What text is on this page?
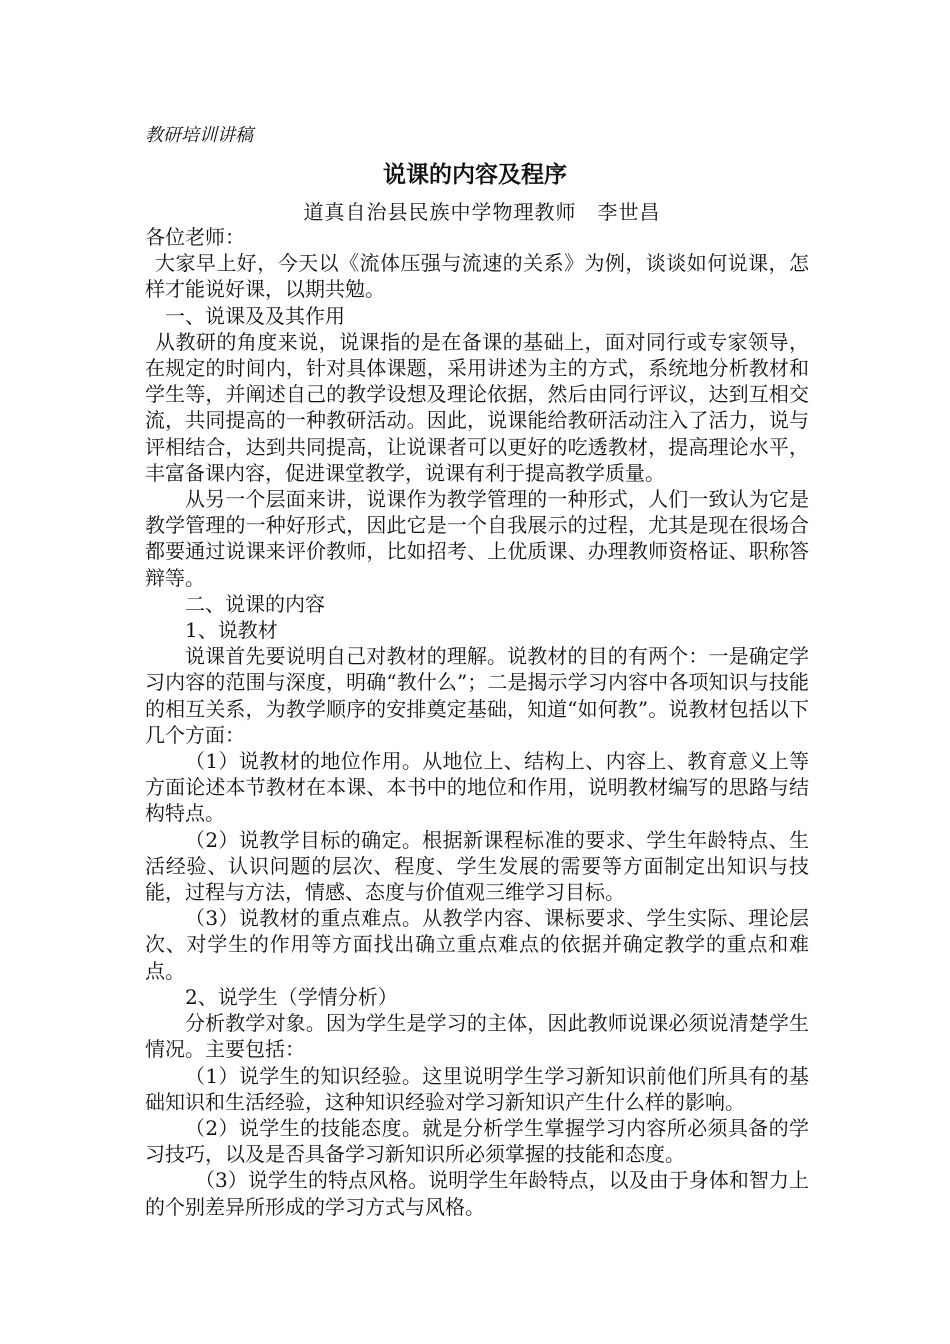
教研培训讲稿
说课的内容及程序
道真自治县民族中学物理教师　李世昌

各位老师：

大家早上好，今天以《流体压强与流速的关系》为例，谈谈如何说课，怎样才能说好课，以期共勉。

一、说课及及其作用

从教研的角度来说，说课指的是在备课的基础上，面对同行或专家领导，在规定的时间内，针对具体课题，采用讲述为主的方式，系统地分析教材和学生等，并阐述自己的教学设想及理论依据，然后由同行评议，达到互相交流，共同提高的一种教研活动。因此，说课能给教研活动注入了活力，说与评相结合，达到共同提高，让说课者可以更好的吃透教材，提高理论水平，丰富备课内容，促进课堂教学，说课有利于提高教学质量。

从另一个层面来讲，说课作为教学管理的一种形式，人们一致认为它是教学管理的一种好形式，因此它是一个自我展示的过程，尤其是现在很场合都要通过说课来评价教师，比如招考、上优质课、办理教师资格证、职称答辩等。

二、说课的内容

1、说教材

说课首先要说明自己对教材的理解。说教材的目的有两个：一是确定学习内容的范围与深度，明确“教什么”；二是揭示学习内容中各项知识与技能的相互关系，为教学顺序的安排奠定基础，知道“如何教”。说教材包括以下几个方面：

（1）说教材的地位作用。从地位上、结构上、内容上、教育意义上等方面论述本节教材在本课、本书中的地位和作用，说明教材编写的思路与结构特点。

（2）说教学目标的确定。根据新课程标准的要求、学生年龄特点、生活经验、认识问题的层次、程度、学生发展的需要等方面制定出知识与技能，过程与方法，情感、态度与价值观三维学习目标。

（3）说教材的重点难点。从教学内容、课标要求、学生实际、理论层次、对学生的作用等方面找出确立重点难点的依据并确定教学的重点和难点。

2、说学生（学情分析）

分析教学对象。因为学生是学习的主体，因此教师说课必须说清楚学生情况。主要包括：

（1）说学生的知识经验。这里说明学生学习新知识前他们所具有的基础知识和生活经验，这种知识经验对学习新知识产生什么样的影响。

（2）说学生的技能态度。就是分析学生掌握学习内容所必须具备的学习技巧，以及是否具备学习新知识所必须掌握的技能和态度。

（3）说学生的特点风格。说明学生年龄特点，以及由于身体和智力上的个别差异所形成的学习方式与风格。
